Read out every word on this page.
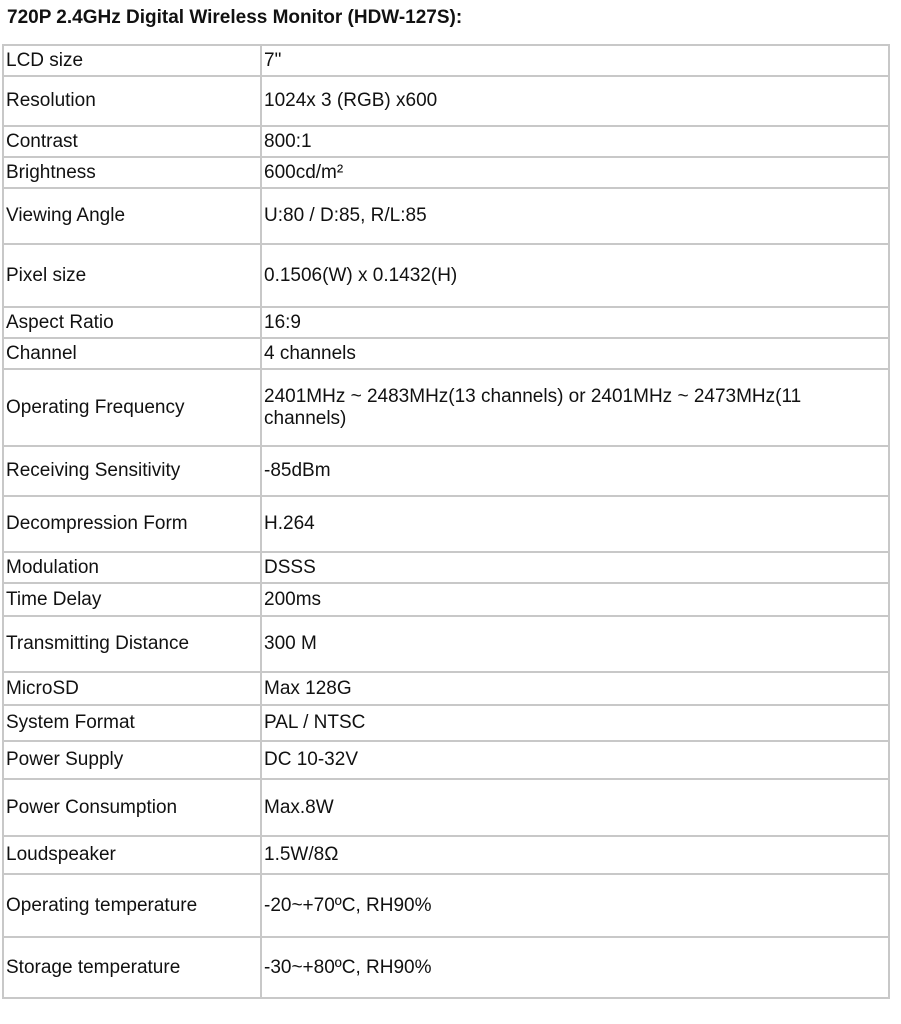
720P 2.4GHz Digital Wireless Monitor (HDW-127S):
LCD size	7"
Resolution	1024x 3 (RGB) x600
Contrast	800:1
Brightness	600cd/m²
Viewing Angle	U:80 / D:85, R/L:85
Pixel size	0.1506(W) x 0.1432(H)
Aspect Ratio	16:9
Channel	4 channels
Operating Frequency	2401MHz ~ 2483MHz(13 channels) or 2401MHz ~ 2473MHz(11 channels)
Receiving Sensitivity	-85dBm
Decompression Form	H.264
Modulation	DSSS
Time Delay	200ms
Transmitting Distance	300 M
MicroSD	Max 128G
System Format	PAL / NTSC
Power Supply	DC 10-32V
Power Consumption	Max.8W
Loudspeaker	1.5W/8Ω
Operating temperature	-20~+70ºC, RH90%
Storage temperature	-30~+80ºC, RH90%
